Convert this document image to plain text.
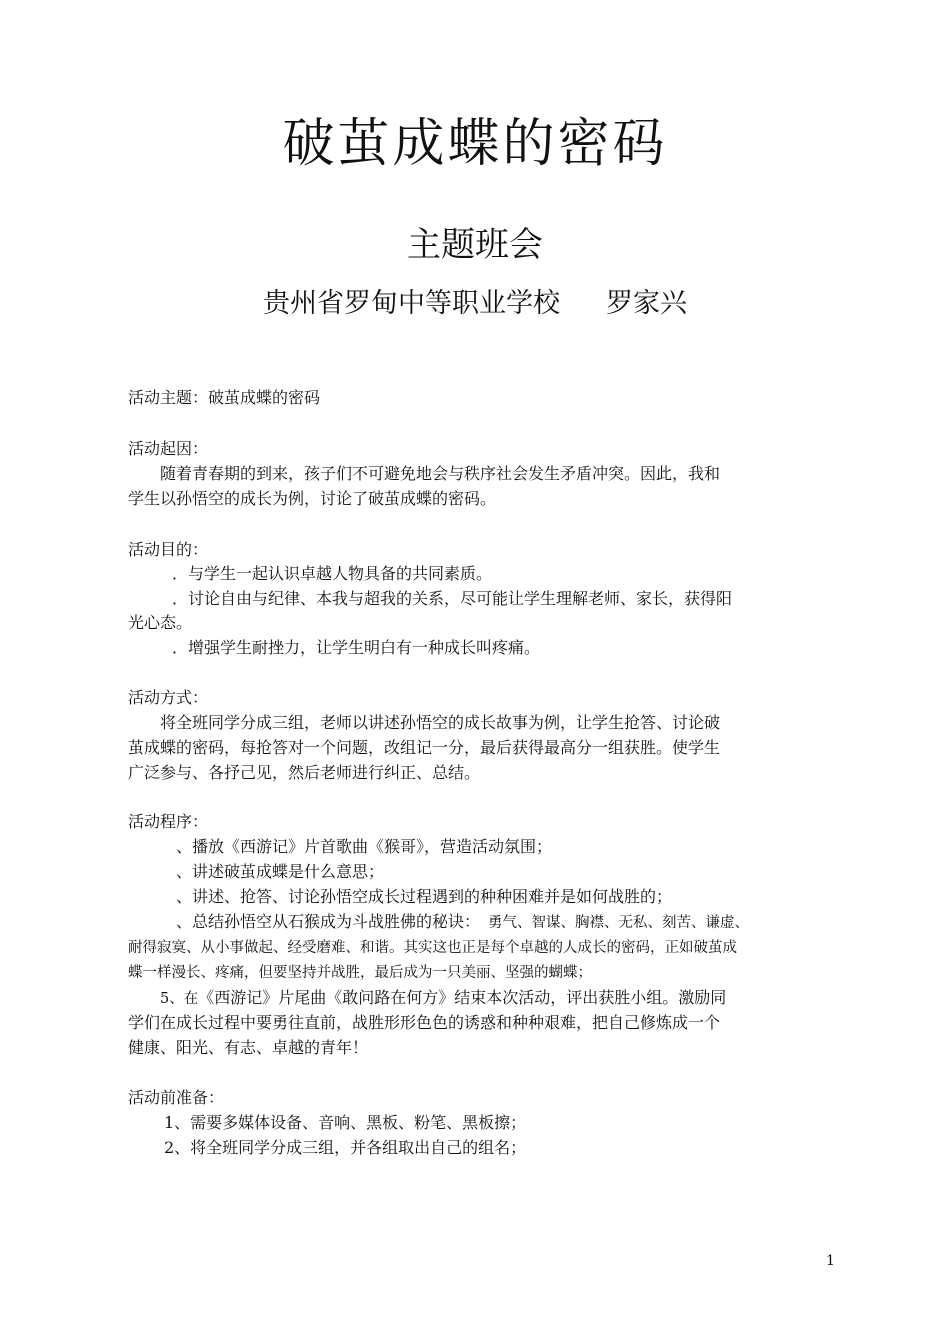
破茧成蝶的密码
主题班会
贵州省罗甸中等职业学校 罗家兴
活动主题：破茧成蝶的密码
活动起因：
随着青春期的到来，孩子们不可避免地会与秩序社会发生矛盾冲突。因此，我和
学生以孙悟空的成长为例，讨论了破茧成蝶的密码。
活动目的：
．与学生一起认识卓越人物具备的共同素质。
．讨论自由与纪律、本我与超我的关系，尽可能让学生理解老师、家长，获得阳
光心态。
．增强学生耐挫力，让学生明白有一种成长叫疼痛。
活动方式：
将全班同学分成三组，老师以讲述孙悟空的成长故事为例，让学生抢答、讨论破
茧成蝶的密码，每抢答对一个问题，改组记一分，最后获得最高分一组获胜。使学生
广泛参与、各抒己见，然后老师进行纠正、总结。
活动程序：
、播放《西游记》片首歌曲《猴哥》，营造活动氛围；
、讲述破茧成蝶是什么意思；
、讲述、抢答、讨论孙悟空成长过程遇到的种种困难并是如何战胜的；
、总结孙悟空从石猴成为斗战胜佛的秘诀： 勇气、智谋、胸襟、无私、刻苦、谦虚、
耐得寂寞、从小事做起、经受磨难、和谐。其实这也正是每个卓越的人成长的密码，正如破茧成
蝶一样漫长、疼痛，但要坚持并战胜，最后成为一只美丽、坚强的蝴蝶；
5、在《西游记》片尾曲《敢问路在何方》结束本次活动，评出获胜小组。激励同
学们在成长过程中要勇往直前，战胜形形色色的诱惑和种种艰难，把自己修炼成一个
健康、阳光、有志、卓越的青年！
活动前准备：
1、需要多媒体设备、音响、黑板、粉笔、黑板擦；
2、将全班同学分成三组，并各组取出自己的组名；
1
